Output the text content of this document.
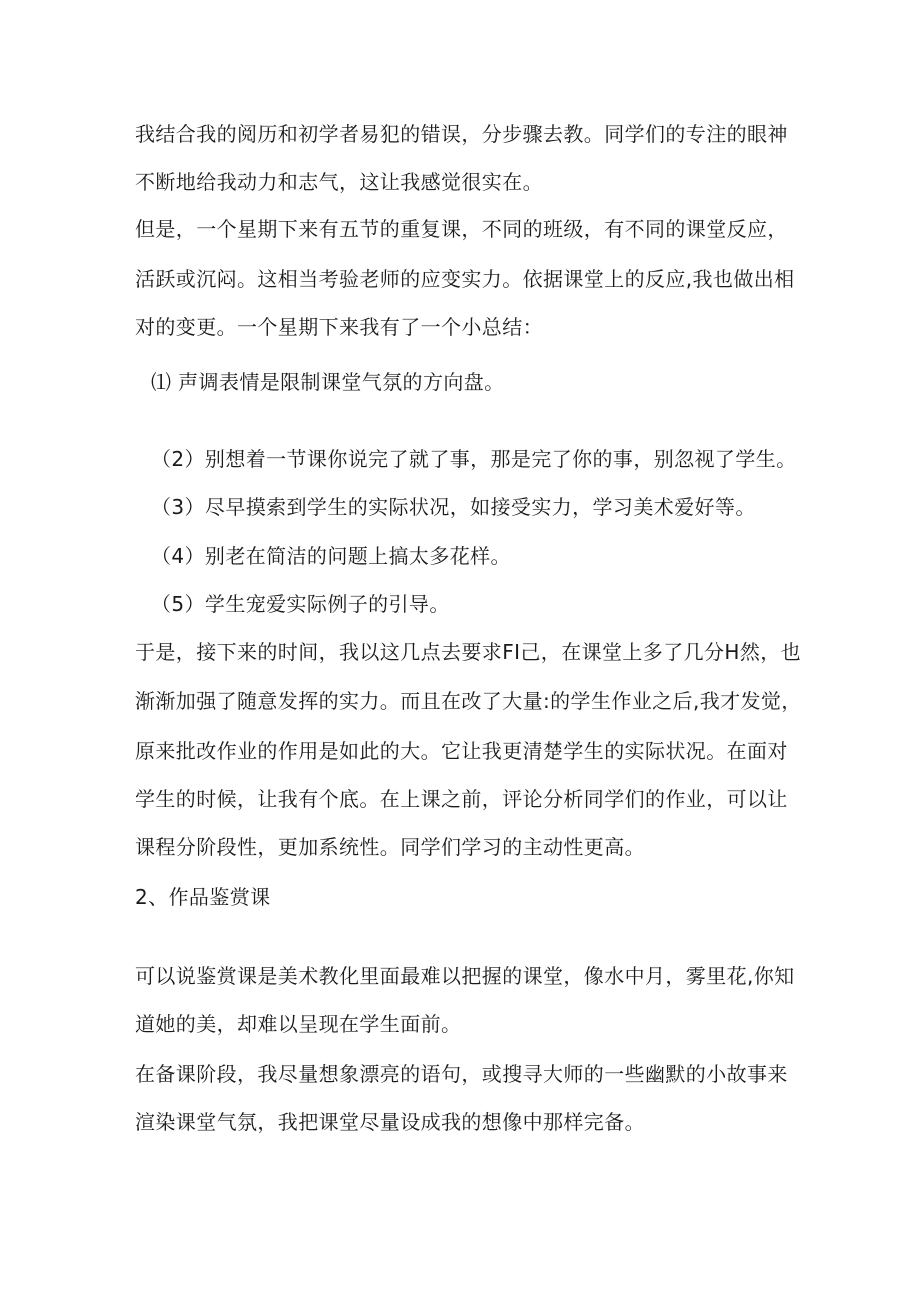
我结合我的阅历和初学者易犯的错误，分步骤去教。同学们的专注的眼神
不断地给我动力和志气，这让我感觉很实在。
但是，一个星期下来有五节的重复课，不同的班级，有不同的课堂反应，
活跃或沉闷。这相当考验老师的应变实力。依据课堂上的反应,我也做出相
对的变更。一个星期下来我有了一个小总结：
⑴ 声调表情是限制课堂气氛的方向盘。
（2）别想着一节课你说完了就了事，那是完了你的事，别忽视了学生。
（3）尽早摸索到学生的实际状况，如接受实力，学习美术爱好等。
（4）别老在简洁的问题上搞太多花样。
（5）学生宠爱实际例子的引导。
于是，接下来的时间，我以这几点去要求FI己，在课堂上多了几分H然，也
渐渐加强了随意发挥的实力。而且在改了大量:的学生作业之后,我才发觉，
原来批改作业的作用是如此的大。它让我更清楚学生的实际状况。在面对
学生的时候，让我有个底。在上课之前，评论分析同学们的作业，可以让
课程分阶段性，更加系统性。同学们学习的主动性更高。
2、作品鉴赏课
可以说鉴赏课是美术教化里面最难以把握的课堂，像水中月，雾里花,你知
道她的美，却难以呈现在学生面前。
在备课阶段，我尽量想象漂亮的语句，或搜寻大师的一些幽默的小故事来
渲染课堂气氛，我把课堂尽量设成我的想像中那样完备。
